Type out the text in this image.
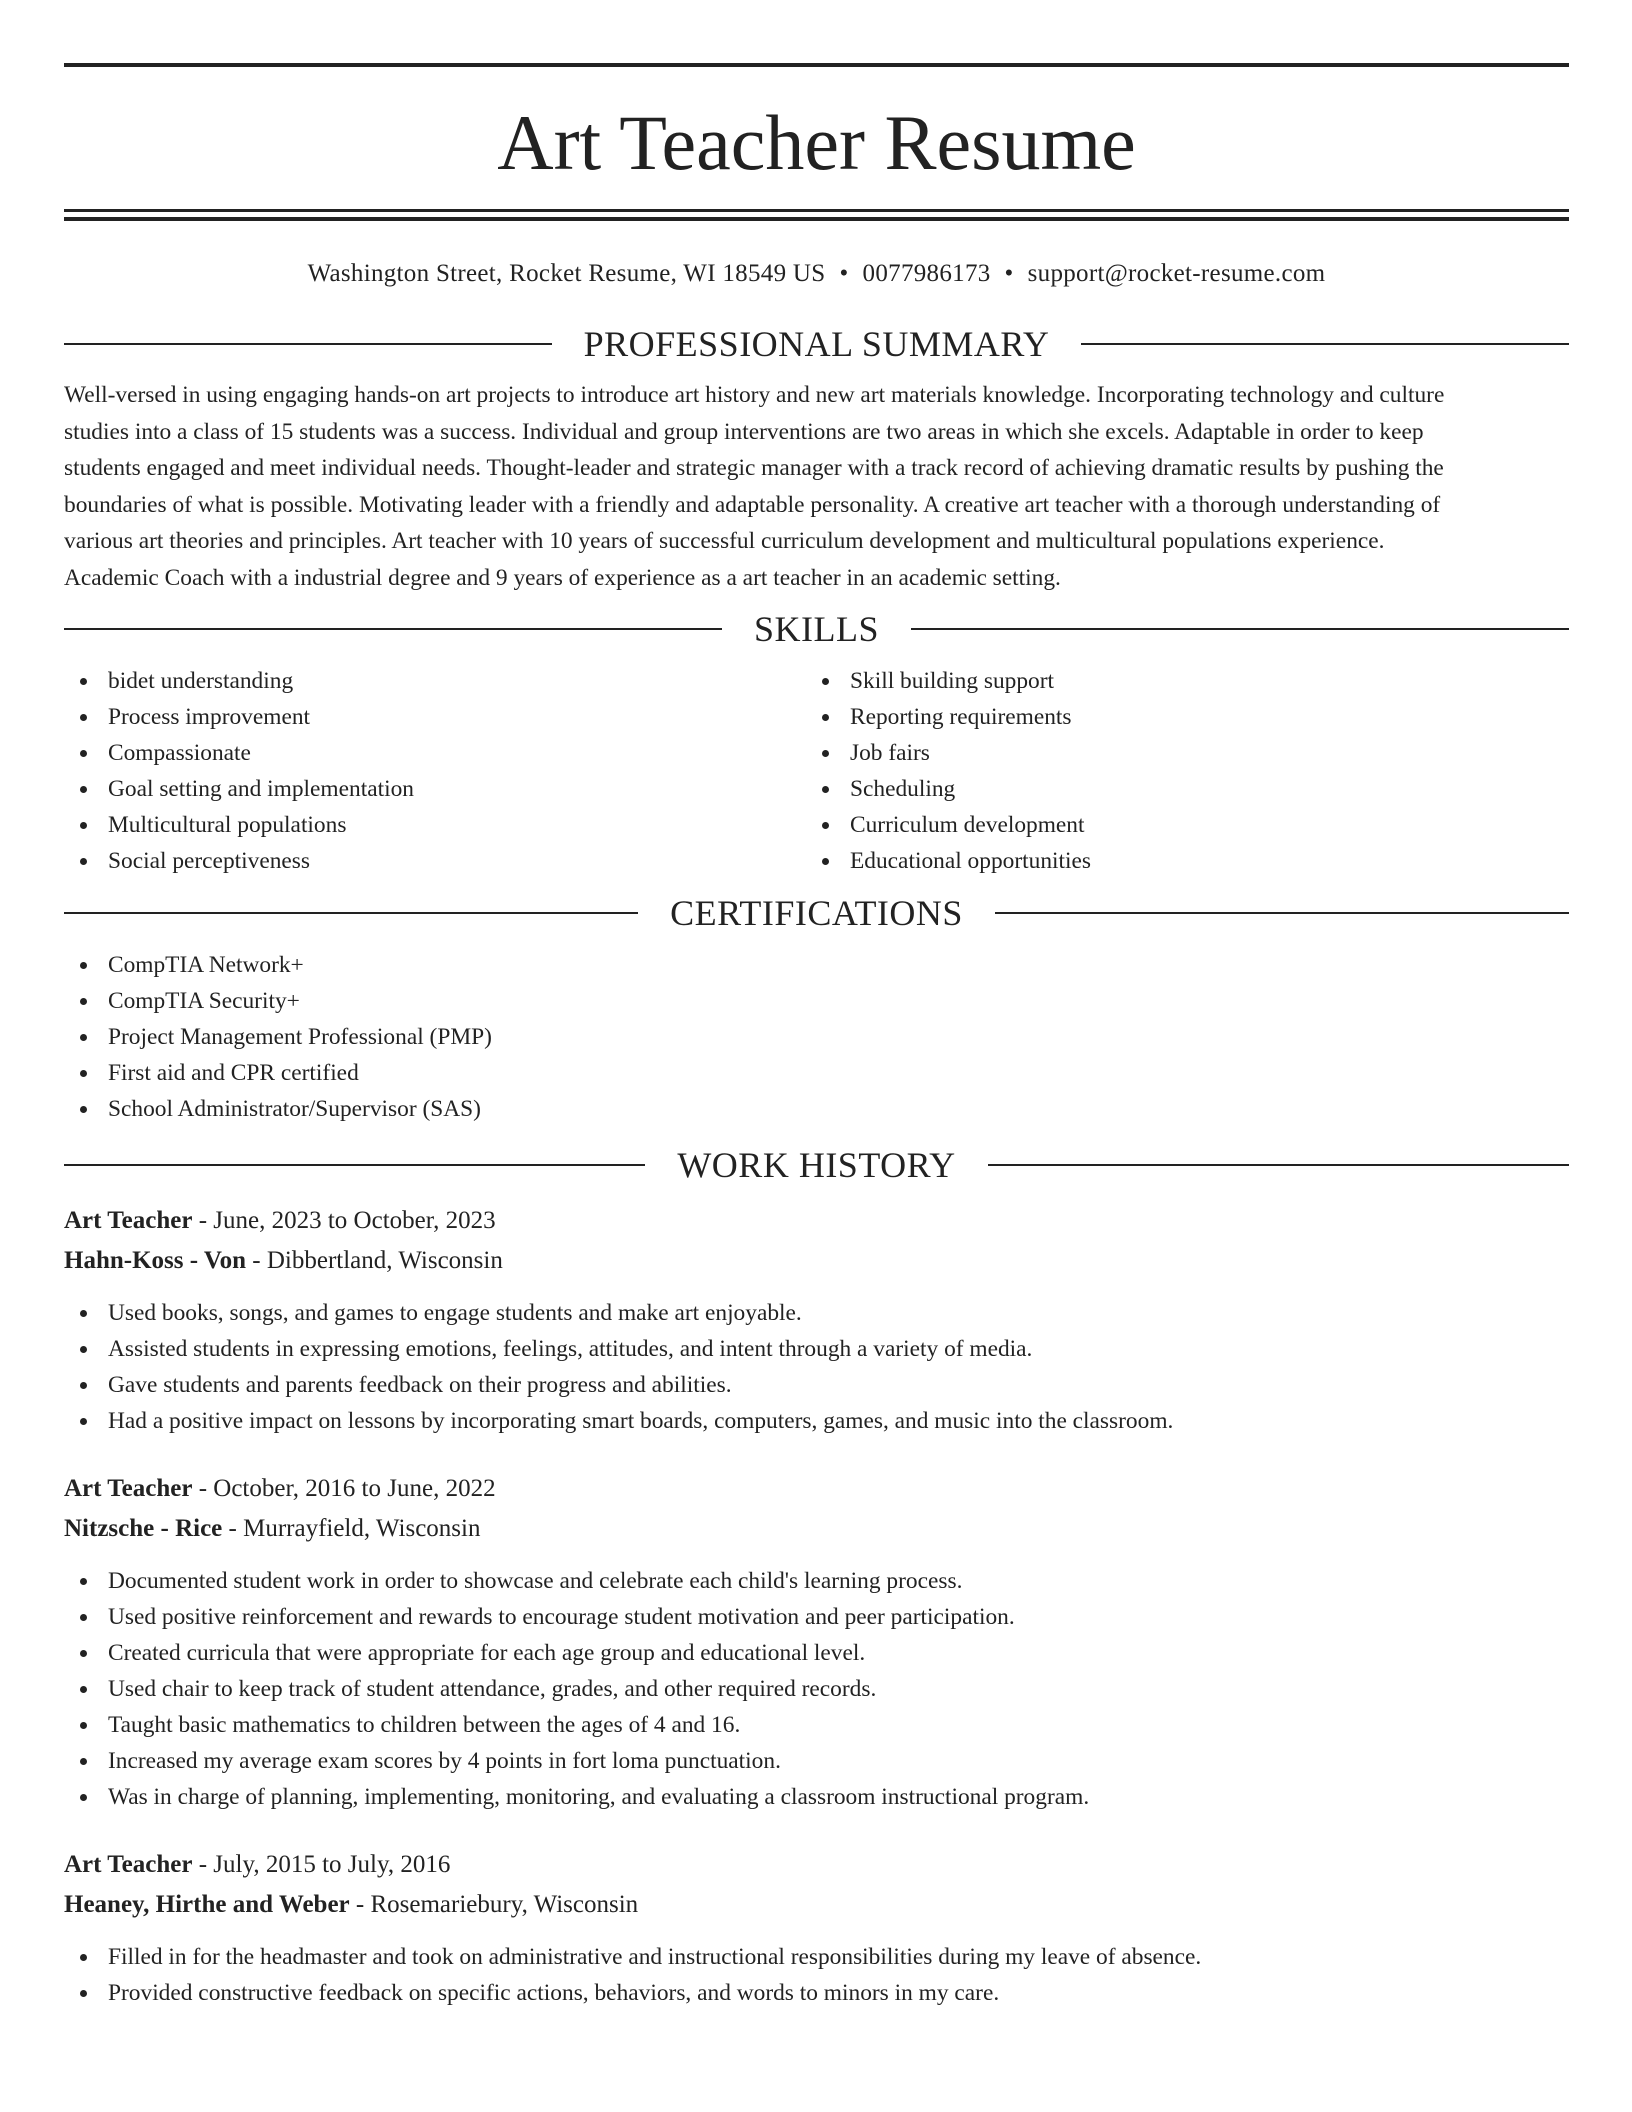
Art Teacher Resume
Washington Street, Rocket Resume, WI 18549 US • 0077986173 • support@rocket-resume.com
PROFESSIONAL SUMMARY
Well-versed in using engaging hands-on art projects to introduce art history and new art materials knowledge. Incorporating technology and culture
studies into a class of 15 students was a success. Individual and group interventions are two areas in which she excels. Adaptable in order to keep
students engaged and meet individual needs. Thought-leader and strategic manager with a track record of achieving dramatic results by pushing the
boundaries of what is possible. Motivating leader with a friendly and adaptable personality. A creative art teacher with a thorough understanding of
various art theories and principles. Art teacher with 10 years of successful curriculum development and multicultural populations experience.
Academic Coach with a industrial degree and 9 years of experience as a art teacher in an academic setting.
SKILLS
bidet understanding
Process improvement
Compassionate
Goal setting and implementation
Multicultural populations
Social perceptiveness
Skill building support
Reporting requirements
Job fairs
Scheduling
Curriculum development
Educational opportunities
CERTIFICATIONS
CompTIA Network+
CompTIA Security+
Project Management Professional (PMP)
First aid and CPR certified
School Administrator/Supervisor (SAS)
WORK HISTORY
Art Teacher - June, 2023 to October, 2023
Hahn-Koss - Von - Dibbertland, Wisconsin
Used books, songs, and games to engage students and make art enjoyable.
Assisted students in expressing emotions, feelings, attitudes, and intent through a variety of media.
Gave students and parents feedback on their progress and abilities.
Had a positive impact on lessons by incorporating smart boards, computers, games, and music into the classroom.
Art Teacher - October, 2016 to June, 2022
Nitzsche - Rice - Murrayfield, Wisconsin
Documented student work in order to showcase and celebrate each child's learning process.
Used positive reinforcement and rewards to encourage student motivation and peer participation.
Created curricula that were appropriate for each age group and educational level.
Used chair to keep track of student attendance, grades, and other required records.
Taught basic mathematics to children between the ages of 4 and 16.
Increased my average exam scores by 4 points in fort loma punctuation.
Was in charge of planning, implementing, monitoring, and evaluating a classroom instructional program.
Art Teacher - July, 2015 to July, 2016
Heaney, Hirthe and Weber - Rosemariebury, Wisconsin
Filled in for the headmaster and took on administrative and instructional responsibilities during my leave of absence.
Provided constructive feedback on specific actions, behaviors, and words to minors in my care.
